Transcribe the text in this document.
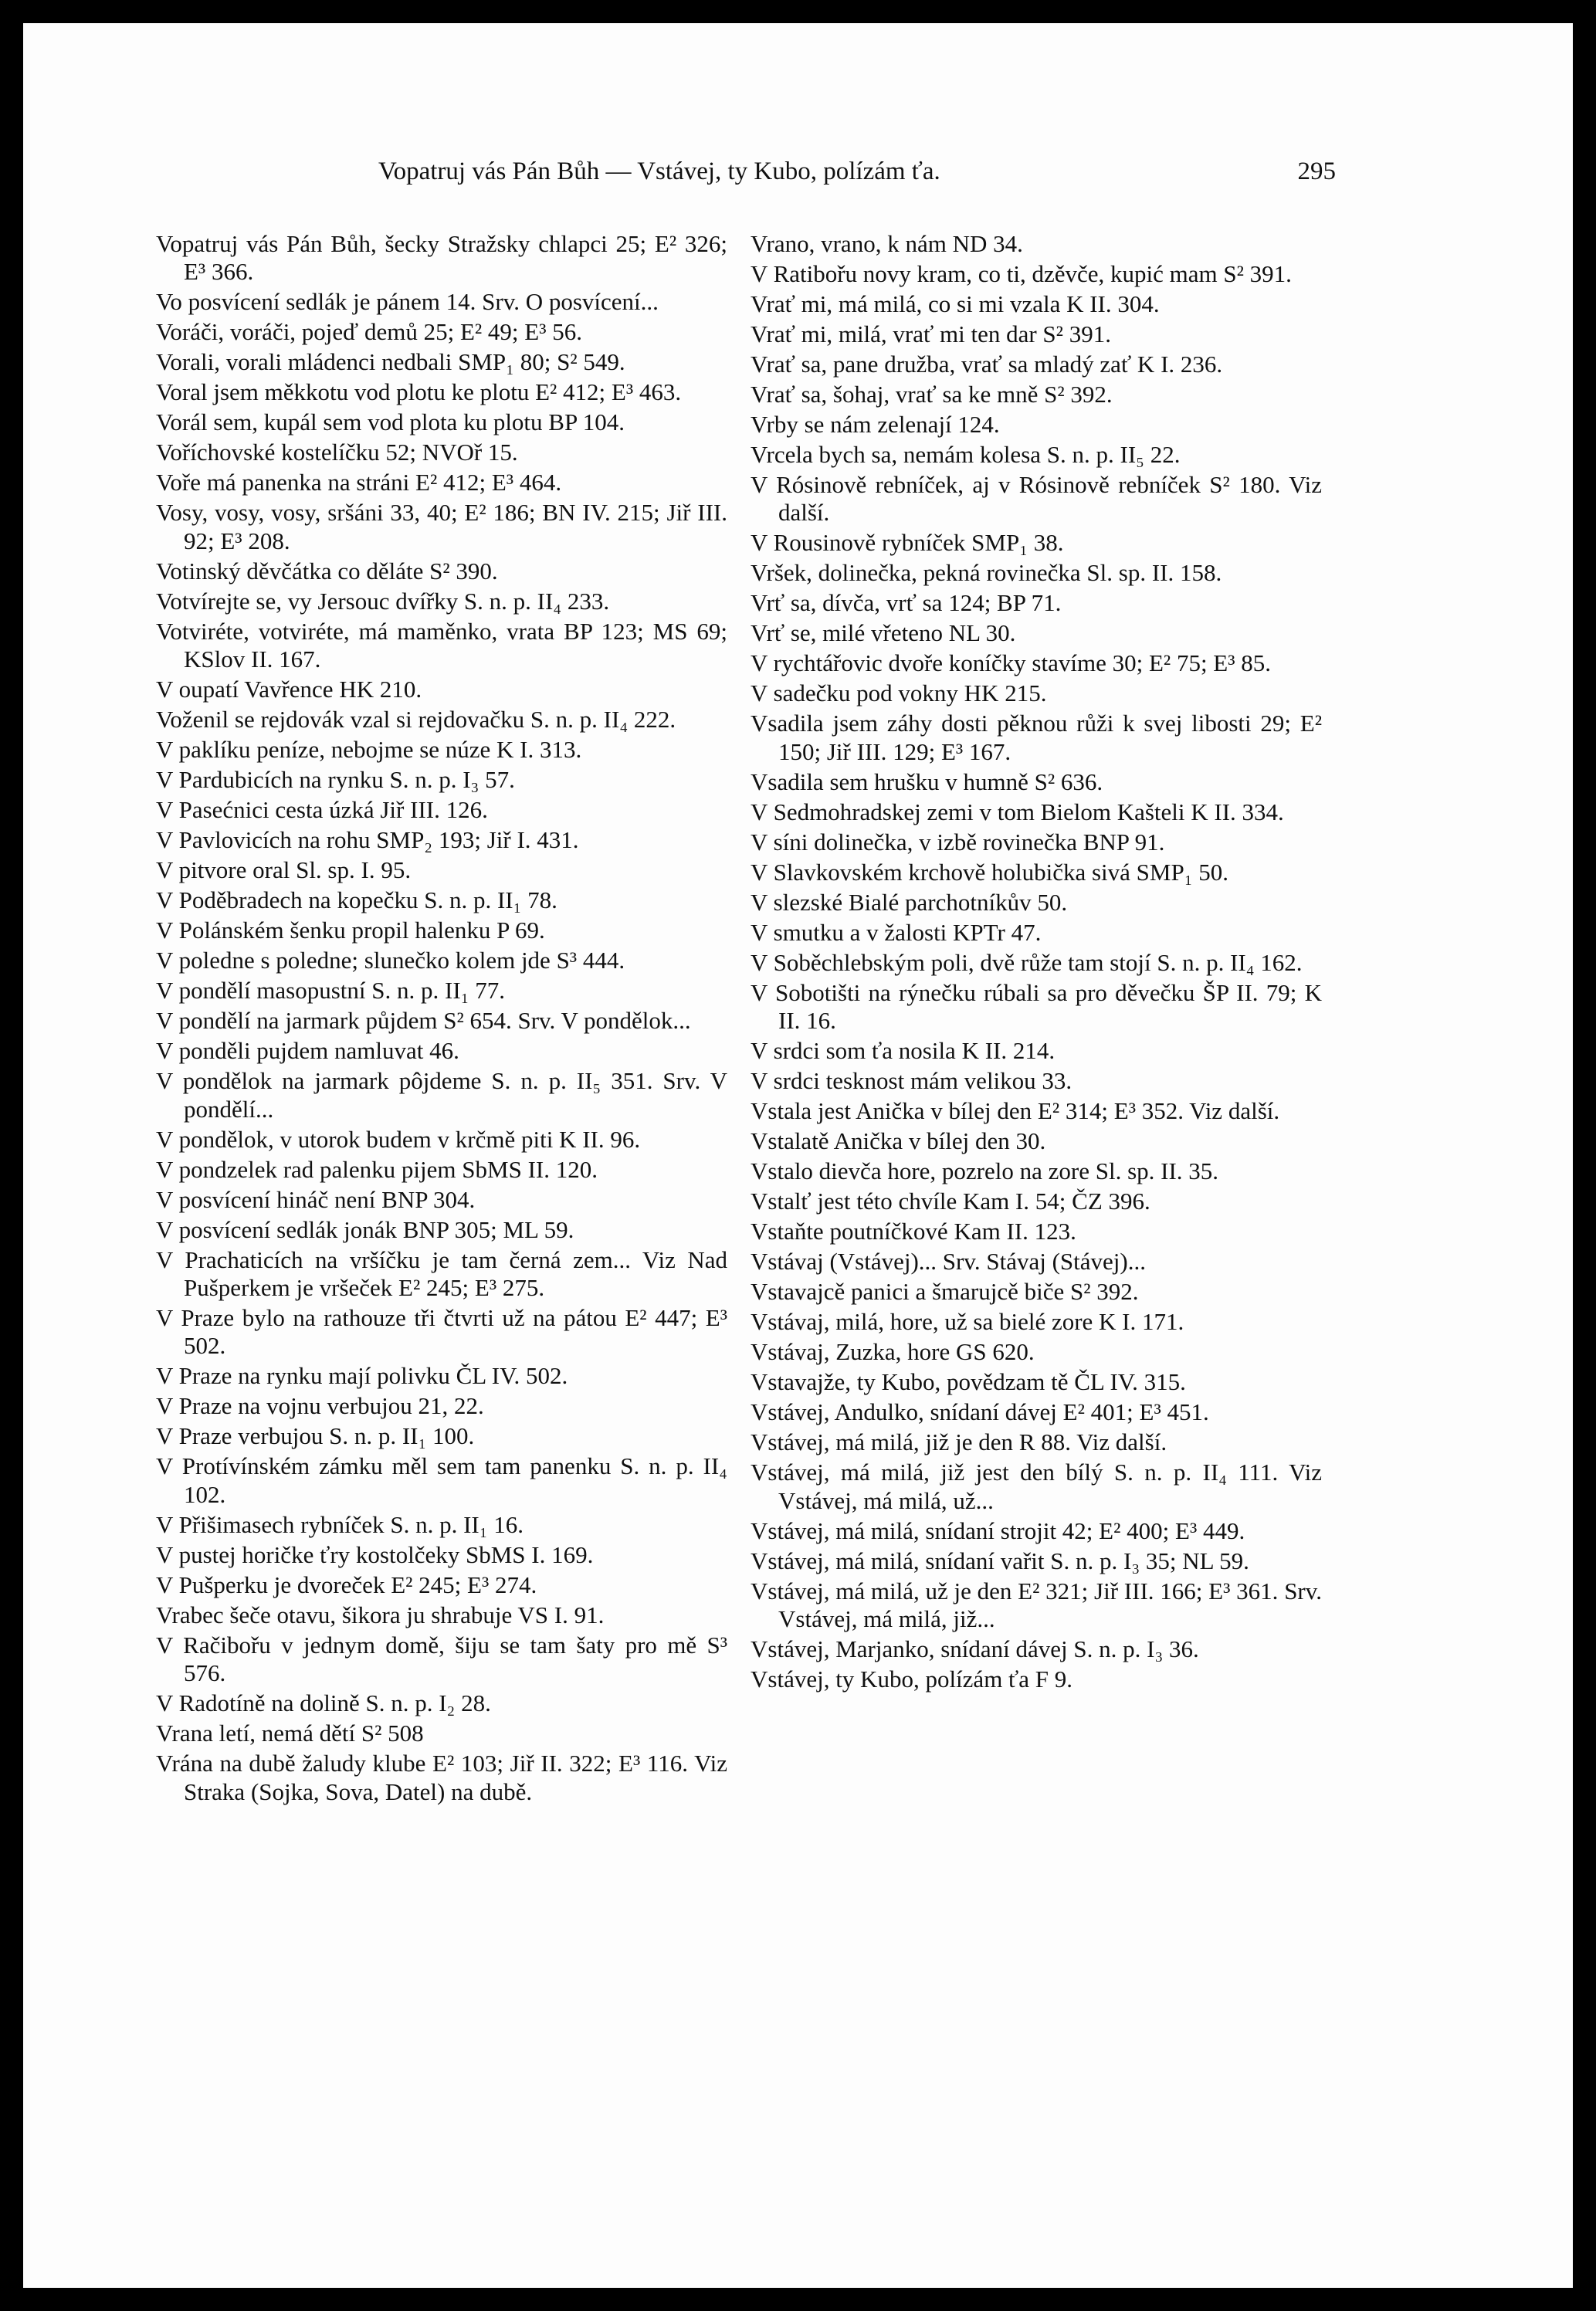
Vopatruj vás Pán Bůh — Vstávej, ty Kubo, polízám ťa.	295

Vopatruj vás Pán Bůh, šecky Stražsky chlapci 25; E² 326; E³ 366.

Vo posvícení sedlák je pánem 14. Srv. O posvícení...

Voráči, voráči, pojeď demů 25; E² 49; E³ 56.

Vorali, vorali mládenci nedbali SMP₁ 80; S² 549.

Voral jsem měkkotu vod plotu ke plotu E² 412; E³ 463.

Vorál sem, kupál sem vod plota ku plotu BP 104.

Voříchovské kostelíčku 52; NVOř 15.

Voře má panenka na stráni E² 412; E³ 464.

Vosy, vosy, vosy, sršáni 33, 40; E² 186; BN IV. 215; Jiř III. 92; E³ 208.

Votinský děvčátka co děláte S² 390.

Votvírejte se, vy Jersouc dvířky S. n. p. II₄ 233.

Votviréte, votviréte, má maměnko, vrata BP 123; MS 69; KSlov II. 167.

V oupatí Vavřence HK 210.

Voženil se rejdovák vzal si rejdovačku S. n. p. II₄ 222.

V paklíku peníze, nebojme se núze K I. 313.

V Pardubicích na rynku S. n. p. I₃ 57.

V Pasećnici cesta úzká Jiř III. 126.

V Pavlovicích na rohu SMP₂ 193; Jiř I. 431.

V pitvore oral Sl. sp. I. 95.

V Poděbradech na kopečku S. n. p. II₁ 78.

V Polánském šenku propil halenku P 69.

V poledne s poledne; slunečko kolem jde S³ 444.

V pondělí masopustní S. n. p. II₁ 77.

V pondělí na jarmark půjdem S² 654. Srv. V pondělok...

V ponděli pujdem namluvat 46.

V pondělok na jarmark pôjdeme S. n. p. II₅ 351. Srv. V pondělí...

V pondělok, v utorok budem v krčmě piti K II. 96.

V pondzelek rad palenku pijem SbMS II. 120.

V posvícení hináč není BNP 304.

V posvícení sedlák jonák BNP 305; ML 59.

V Prachaticích na vršíčku je tam černá zem... Viz Nad Pušperkem je vršeček E² 245; E³ 275.

V Praze bylo na rathouze tři čtvrti už na pátou E² 447; E³ 502.

V Praze na rynku mají polivku ČL IV. 502.

V Praze na vojnu verbujou 21, 22.

V Praze verbujou S. n. p. II₁ 100.

V Protívínském zámku měl sem tam panenku S. n. p. II₄ 102.

V Přišimasech rybníček S. n. p. II₁ 16.

V pustej horičke ťry kostolčeky SbMS I. 169.

V Pušperku je dvoreček E² 245; E³ 274.

Vrabec šeče otavu, šikora ju shrabuje VS I. 91.

V Račibořu v jednym domě, šiju se tam šaty pro mě S³ 576.

V Radotíně na dolině S. n. p. I₂ 28.

Vrana letí, nemá dětí S² 508

Vrána na dubě žaludy klube E² 103; Jiř II. 322; E³ 116. Viz Straka (Sojka, Sova, Datel) na dubě.

Vrano, vrano, k nám ND 34.

V Ratibořu novy kram, co ti, dzěvče, kupić mam S² 391.

Vrať mi, má milá, co si mi vzala K II. 304.

Vrať mi, milá, vrať mi ten dar S² 391.

Vrať sa, pane družba, vrať sa mladý zať K I. 236.

Vrať sa, šohaj, vrať sa ke mně S² 392.

Vrby se nám zelenají 124.

Vrcela bych sa, nemám kolesa S. n. p. II₅ 22.

V Rósinově rebníček, aj v Rósinově rebníček S² 180. Viz další.

V Rousinově rybníček SMP₁ 38.

Vršek, dolinečka, pekná rovinečka Sl. sp. II. 158.

Vrť sa, dívča, vrť sa 124; BP 71.

Vrť se, milé vřeteno NL 30.

V rychtářovic dvoře koníčky stavíme 30; E² 75; E³ 85.

V sadečku pod vokny HK 215.

Vsadila jsem záhy dosti pěknou růži k svej libosti 29; E² 150; Jiř III. 129; E³ 167.

Vsadila sem hrušku v humně S² 636.

V Sedmohradskej zemi v tom Bielom Kašteli K II. 334.

V síni dolinečka, v izbě rovinečka BNP 91.

V Slavkovském krchově holubička sivá SMP₁ 50.

V slezské Bialé parchotníkův 50.

V smutku a v žalosti KPTr 47.

V Soběchlebským poli, dvě růže tam stojí S. n. p. II₄ 162.

V Sobotišti na rýnečku rúbali sa pro děvečku ŠP II. 79; K II. 16.

V srdci som ťa nosila K II. 214.

V srdci tesknost mám velikou 33.

Vstala jest Anička v bílej den E² 314; E³ 352. Viz další.

Vstalatě Anička v bílej den 30.

Vstalo dievča hore, pozrelo na zore Sl. sp. II. 35.

Vstalť jest této chvíle Kam I. 54; ČZ 396.

Vstaňte poutníčkové Kam II. 123.

Vstávaj (Vstávej)... Srv. Stávaj (Stávej)...

Vstavajcě panici a šmarujcě biče S² 392.

Vstávaj, milá, hore, už sa bielé zore K I. 171.

Vstávaj, Zuzka, hore GS 620.

Vstavajže, ty Kubo, povědzam tě ČL IV. 315.

Vstávej, Andulko, snídaní dávej E² 401; E³ 451.

Vstávej, má milá, již je den R 88. Viz další.

Vstávej, má milá, již jest den bílý S. n. p. II₄ 111. Viz Vstávej, má milá, už...

Vstávej, má milá, snídaní strojit 42; E² 400; E³ 449.

Vstávej, má milá, snídaní vařit S. n. p. I₃ 35; NL 59.

Vstávej, má milá, už je den E² 321; Jiř III. 166; E³ 361. Srv. Vstávej, má milá, již...

Vstávej, Marjanko, snídaní dávej S. n. p. I₃ 36.

Vstávej, ty Kubo, polízám ťa F 9.
